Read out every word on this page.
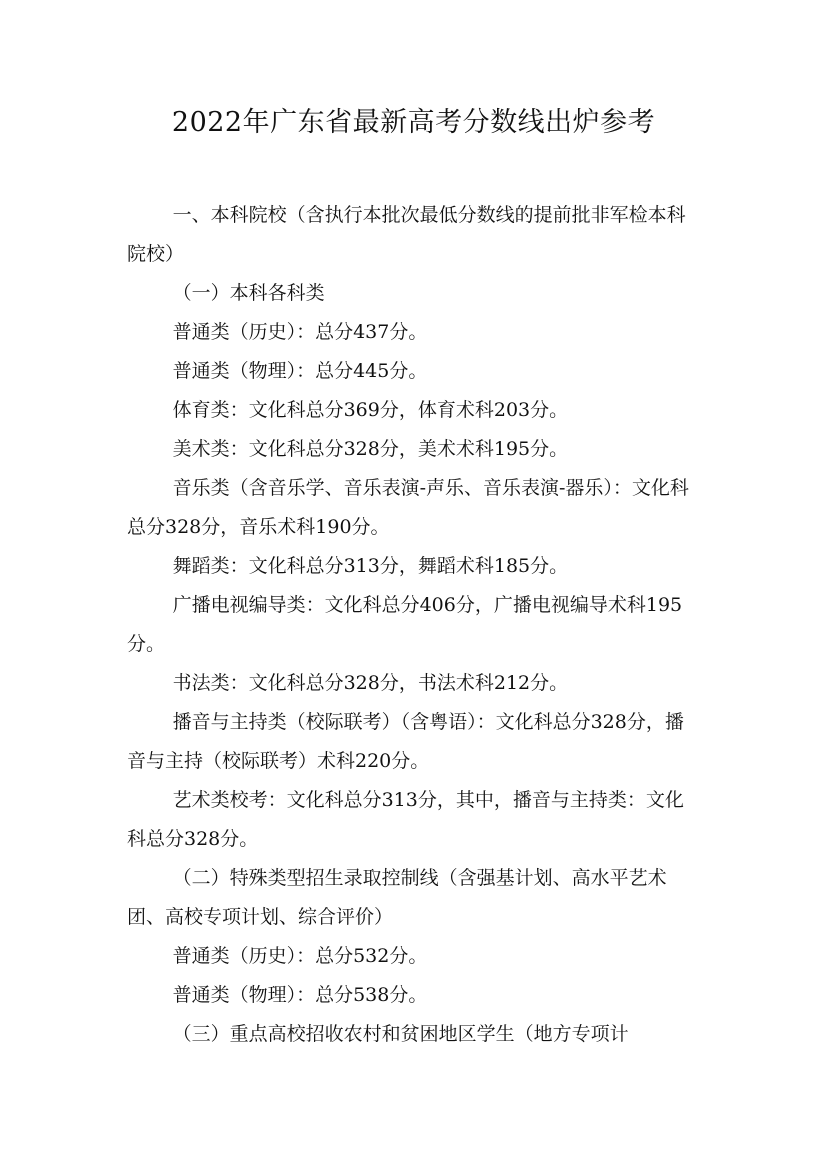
2022年广东省最新高考分数线出炉参考

一、本科院校（含执行本批次最低分数线的提前批非军检本科院校）

（一）本科各科类

普通类（历史）：总分437分。

普通类（物理）：总分445分。

体育类：文化科总分369分，体育术科203分。

美术类：文化科总分328分，美术术科195分。

音乐类（含音乐学、音乐表演-声乐、音乐表演-器乐）：文化科总分328分，音乐术科190分。

舞蹈类：文化科总分313分，舞蹈术科185分。

广播电视编导类：文化科总分406分，广播电视编导术科195分。

书法类：文化科总分328分，书法术科212分。

播音与主持类（校际联考）（含粤语）：文化科总分328分，播音与主持（校际联考）术科220分。

艺术类校考：文化科总分313分，其中，播音与主持类：文化科总分328分。

（二）特殊类型招生录取控制线（含强基计划、高水平艺术团、高校专项计划、综合评价）

普通类（历史）：总分532分。

普通类（物理）：总分538分。

（三）重点高校招收农村和贫困地区学生（地方专项计
